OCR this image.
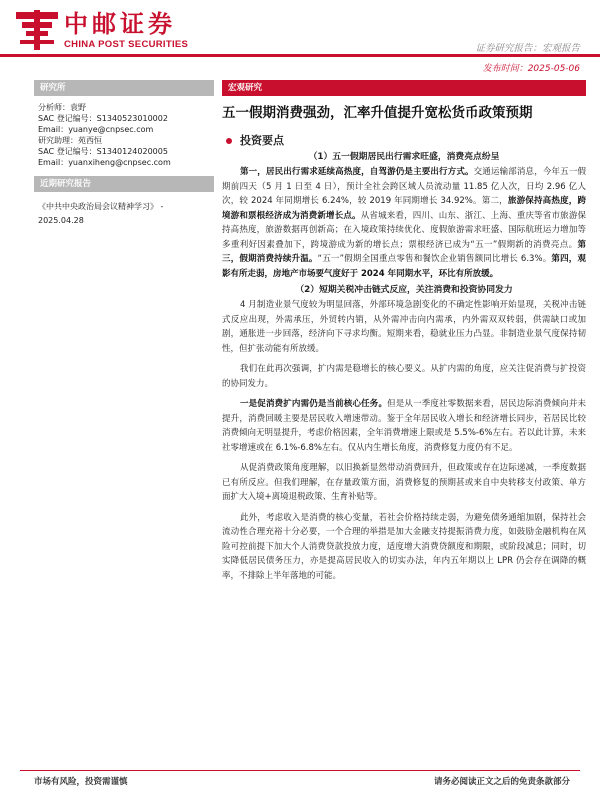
中邮证券
CHINA POST SECURITIES	证券研究报告：宏观报告
发布时间：2025-05-06
研究所
分析师：袁野
SAC 登记编号：S1340523010002
Email：yuanye@cnpsec.com
研究助理：苑西恒
SAC 登记编号：S1340124020005
Email：yuanxiheng@cnpsec.com
近期研究报告
《中共中央政治局会议精神学习》 -
2025.04.28
宏观研究
五一假期消费强劲，汇率升值提升宽松货币政策预期
投资要点
（1）五一假期居民出行需求旺盛，消费亮点纷呈
第一，居民出行需求延续高热度，自驾游仍是主要出行方式。交通运输部消息，今年五一假期前四天（5 月 1 日至 4 日），预计全社会跨区域人员流动量 11.85 亿人次，日均 2.96 亿人次，较 2024 年同期增长 6.24%，较 2019 年同期增长 34.92%。第二，旅游保持高热度，跨境游和票根经济成为消费新增长点。从省城来看，四川、山东、浙江、上海、重庆等省市旅游保持高热度，旅游数据再创新高；在入境政策持续优化、度假旅游需求旺盛、国际航班运力增加等多重利好因素叠加下，跨境游成为新的增长点；票根经济已成为“五一”假期新的消费亮点。第三，假期消费持续升温。“五一”假期全国重点零售和餐饮企业销售额同比增长 6.3%。第四，观影有所走弱，房地产市场要气度好于 2024 年同期水平，环比有所放缓。
（2）短期关税冲击链式反应，关注消费和投资协同发力
4 月制造业景气度较为明显回落，外部环境急剧变化的不确定性影响开始显现，关税冲击链式反应出现，外需承压，外贸转内销，从外需冲击向内需承，内外需双双转弱，供需缺口或加剧，通胀进一步回落，经济向下寻求均衡。短期来看，稳就业压力凸显。非制造业景气度保持韧性，但扩张动能有所放缓。
我们在此再次强调，扩内需是稳增长的核心要义。从扩内需的角度，应关注促消费与扩投资的协同发力。
一是促消费扩内需仍是当前核心任务。但是从一季度社零数据来看，居民边际消费倾向并未提升，消费回暖主要是居民收入增速带动。鉴于全年居民收入增长和经济增长同步，若居民比较消费倾向无明显提升，考虑价格因素，全年消费增速上限或是 5.5%-6%左右。若以此计算，未来社零增速或在 6.1%-6.8%左右。仅从内生增长角度，消费修复力度仍有不足。
从促消费政策角度理解，以旧换新显然带动消费回升，但政策或存在边际递减，一季度数据已有所反应。但我们理解，在存量政策方面，消费修复的预期甚或来自中央转移支付政策、单方面扩大入境+离境退税政策、生育补贴等。
此外，考虑收入是消费的核心变量，若社会价格持续走弱，为避免债务通缩加剧，保持社会流动性合理充裕十分必要，一个合理的举措是加大金融支持提振消费力度，如鼓励金融机构在风险可控前提下加大个人消费贷款投放力度，适度增大消费贷额度和期限，或阶段减息；同时，切实降低居民债务压力，亦是提高居民收入的切实办法，年内五年期以上 LPR 仍会存在调降的概率，不排除上半年落地的可能。
市场有风险，投资需谨慎	请务必阅读正文之后的免责条款部分
